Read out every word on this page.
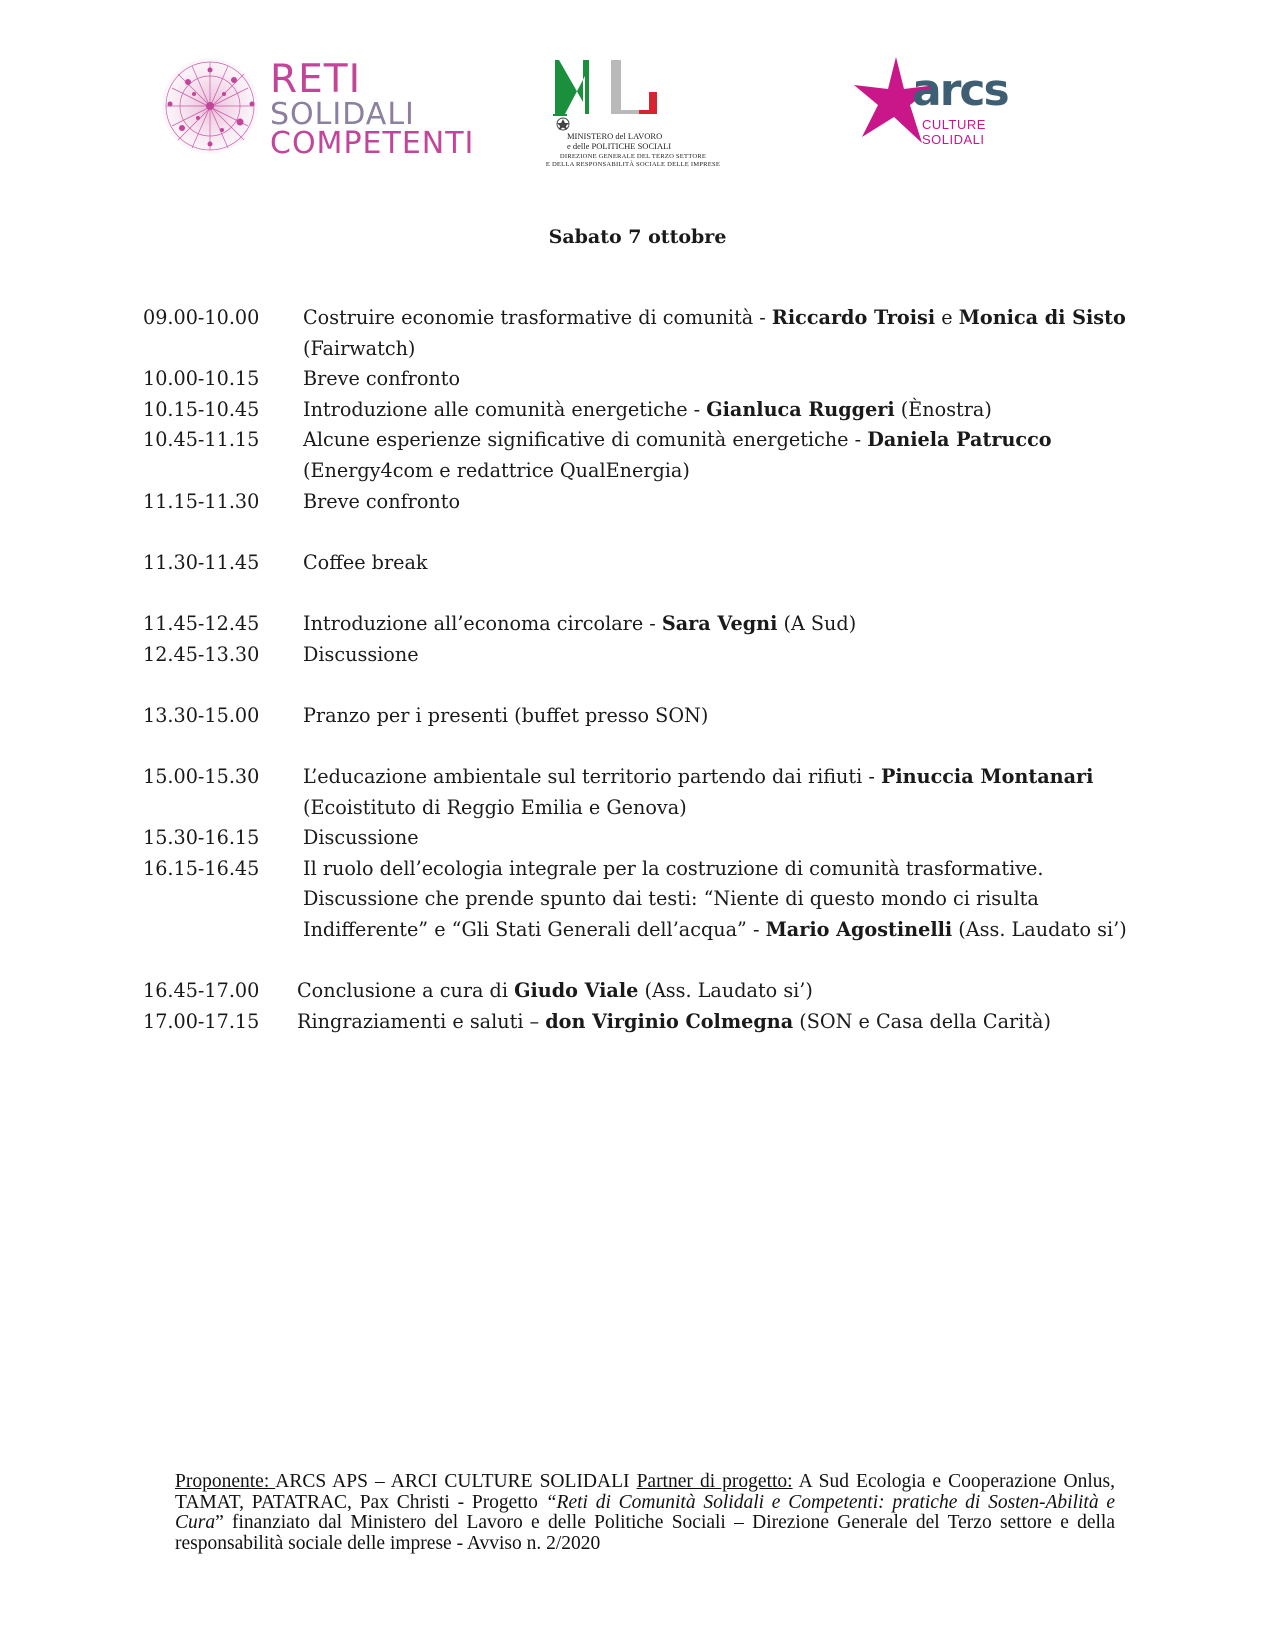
RETI
SOLIDALI
COMPETENTI	MINISTERO del LAVORO
e delle POLITICHE SOCIALI
DIREZIONE GENERALE DEL TERZO SETTORE
E DELLA RESPONSABILITÀ SOCIALE DELLE IMPRESE
arcs
CULTURE SOLIDALI
Sabato 7 ottobre
09.00-10.00	Costruire economie trasformative di comunità - Riccardo Troisi e Monica di Sisto (Fairwatch)
10.00-10.15	Breve confronto
10.15-10.45	Introduzione alle comunità energetiche - Gianluca Ruggeri (Ènostra)
10.45-11.15	Alcune esperienze significative di comunità energetiche - Daniela Patrucco (Energy4com e redattrice QualEnergia)
11.15-11.30	Breve confronto
11.30-11.45	Coffee break
11.45-12.45	Introduzione all’economa circolare - Sara Vegni (A Sud)
12.45-13.30	Discussione
13.30-15.00	Pranzo per i presenti (buffet presso SON)
15.00-15.30	L’educazione ambientale sul territorio partendo dai rifiuti - Pinuccia Montanari (Ecoistituto di Reggio Emilia e Genova)
15.30-16.15	Discussione
16.15-16.45	Il ruolo dell’ecologia integrale per la costruzione di comunità trasformative. Discussione che prende spunto dai testi: “Niente di questo mondo ci risulta Indifferente” e “Gli Stati Generali dell’acqua” - Mario Agostinelli (Ass. Laudato si’)
16.45-17.00	Conclusione a cura di Giudo Viale (Ass. Laudato si’)
17.00-17.15	Ringraziamenti e saluti – don Virginio Colmegna (SON e Casa della Carità)
Proponente: ARCS APS – ARCI CULTURE SOLIDALI Partner di progetto: A Sud Ecologia e Cooperazione Onlus, TAMAT, PATATRAC, Pax Christi - Progetto “Reti di Comunità Solidali e Competenti: pratiche di Sosten-Abilità e Cura” finanziato dal Ministero del Lavoro e delle Politiche Sociali – Direzione Generale del Terzo settore e della responsabilità sociale delle imprese - Avviso n. 2/2020
